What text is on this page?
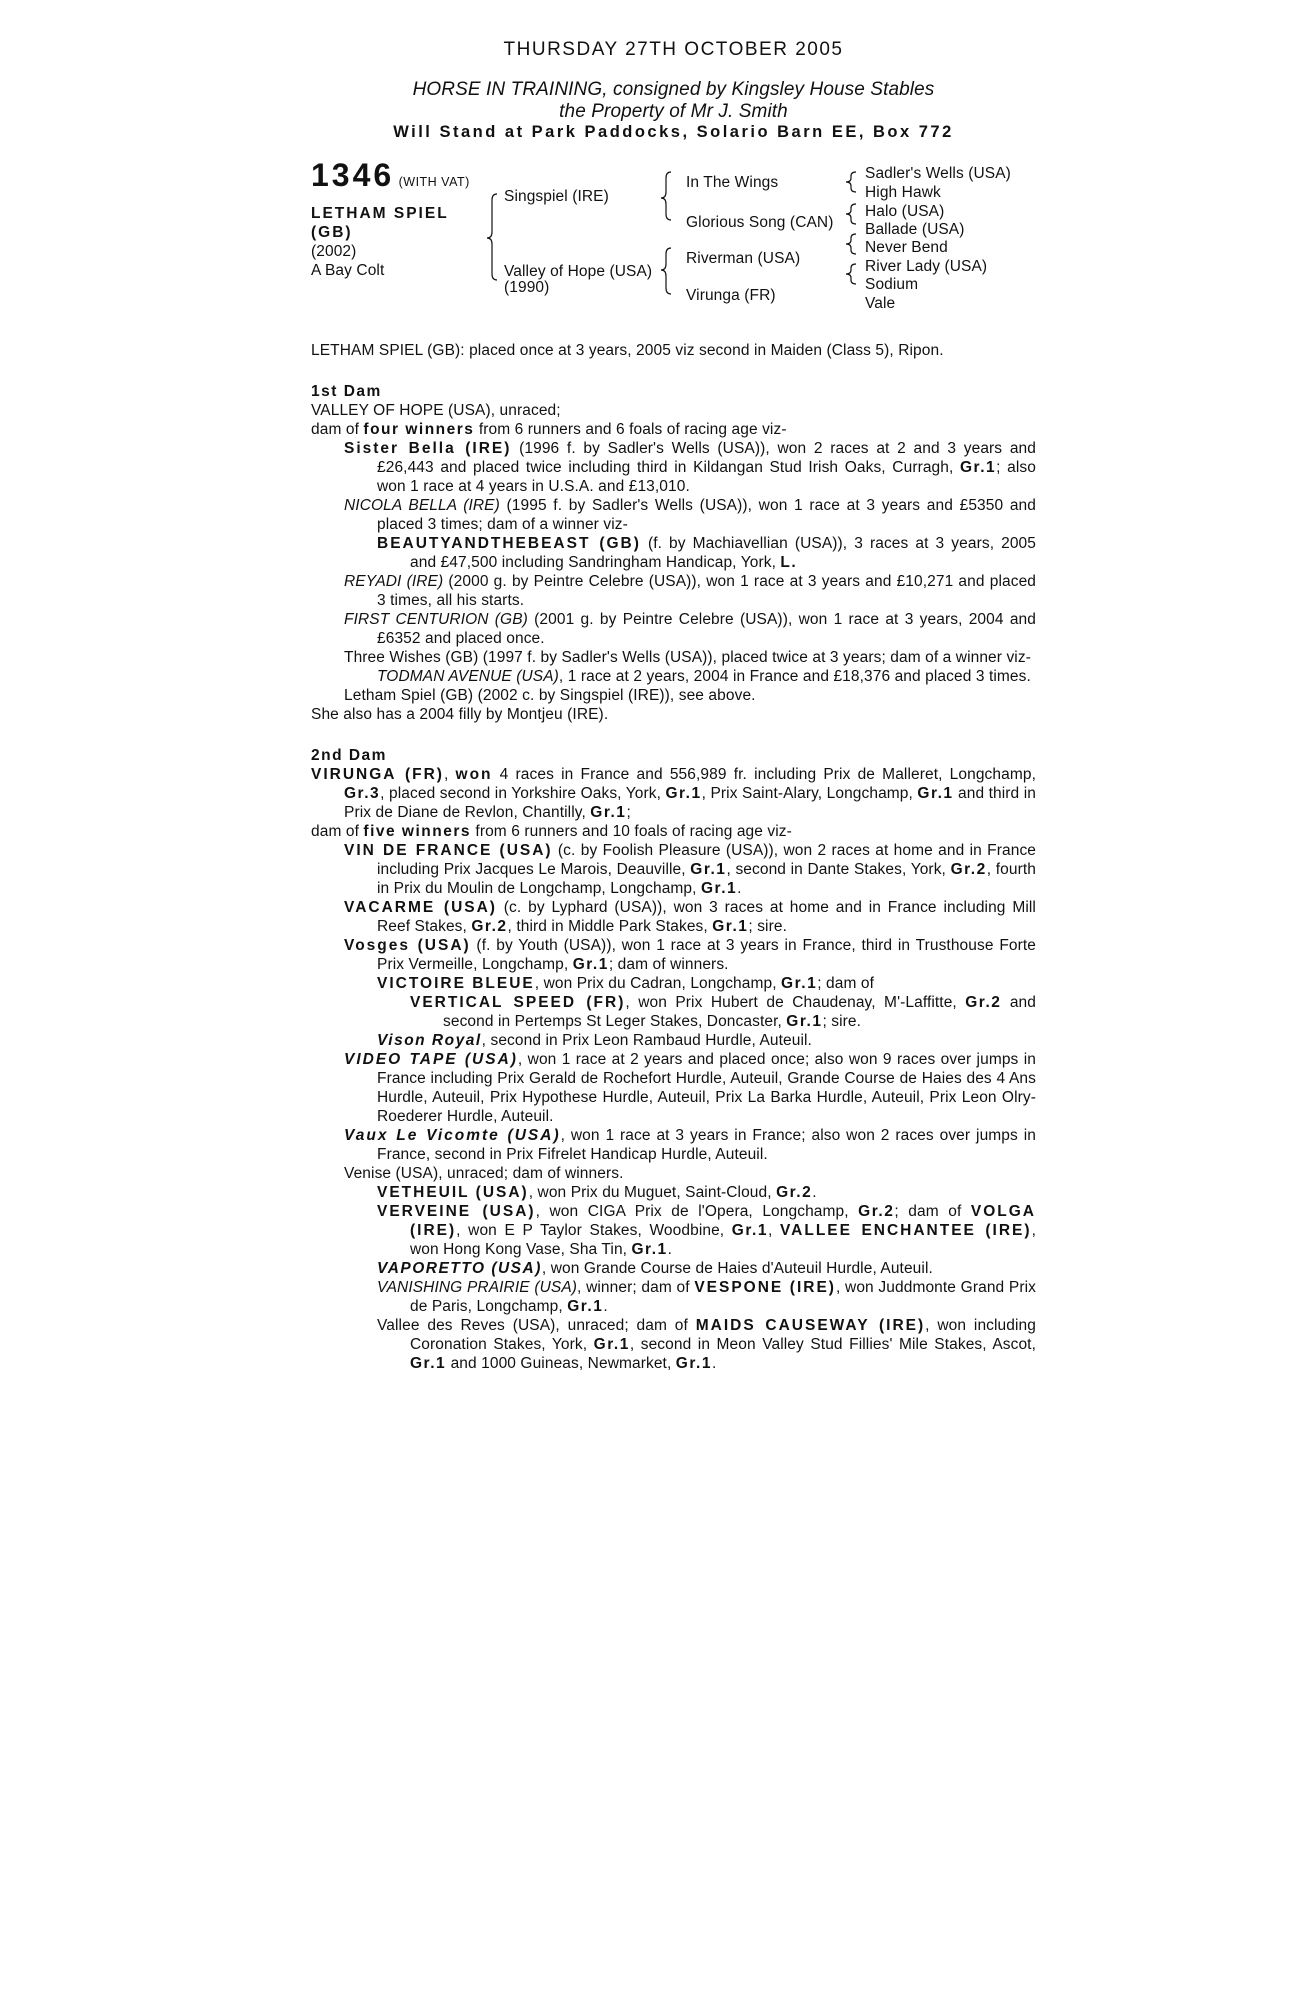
THURSDAY 27TH OCTOBER 2005
HORSE IN TRAINING, consigned by Kingsley House Stables
the Property of Mr J. Smith
Will Stand at Park Paddocks, Solario Barn EE, Box 772
1346 (WITH VAT)
LETHAM SPIEL
(GB)
(2002)
A Bay Colt
Singspiel (IRE)
Valley of Hope (USA)
(1990)
In The Wings
Glorious Song (CAN)
Riverman (USA)
Virunga (FR)
Sadler's Wells (USA)
High Hawk
Halo (USA)
Ballade (USA)
Never Bend
River Lady (USA)
Sodium
Vale

LETHAM SPIEL (GB): placed once at 3 years, 2005 viz second in Maiden (Class 5), Ripon.

1st Dam

VALLEY OF HOPE (USA), unraced;

dam of four winners from 6 runners and 6 foals of racing age viz-

Sister Bella (IRE) (1996 f. by Sadler's Wells (USA)), won 2 races at 2 and 3 years and £26,443 and placed twice including third in Kildangan Stud Irish Oaks, Curragh, Gr.1; also won 1 race at 4 years in U.S.A. and £13,010.

NICOLA BELLA (IRE) (1995 f. by Sadler's Wells (USA)), won 1 race at 3 years and £5350 and placed 3 times; dam of a winner viz-

BEAUTYANDTHEBEAST (GB) (f. by Machiavellian (USA)), 3 races at 3 years, 2005 and £47,500 including Sandringham Handicap, York, L.

REYADI (IRE) (2000 g. by Peintre Celebre (USA)), won 1 race at 3 years and £10,271 and placed 3 times, all his starts.

FIRST CENTURION (GB) (2001 g. by Peintre Celebre (USA)), won 1 race at 3 years, 2004 and £6352 and placed once.

Three Wishes (GB) (1997 f. by Sadler's Wells (USA)), placed twice at 3 years; dam of a winner viz-

TODMAN AVENUE (USA), 1 race at 2 years, 2004 in France and £18,376 and placed 3 times.

Letham Spiel (GB) (2002 c. by Singspiel (IRE)), see above.

She also has a 2004 filly by Montjeu (IRE).

2nd Dam

VIRUNGA (FR), won 4 races in France and 556,989 fr. including Prix de Malleret, Longchamp, Gr.3, placed second in Yorkshire Oaks, York, Gr.1, Prix Saint-Alary, Longchamp, Gr.1 and third in Prix de Diane de Revlon, Chantilly, Gr.1;

dam of five winners from 6 runners and 10 foals of racing age viz-

VIN DE FRANCE (USA) (c. by Foolish Pleasure (USA)), won 2 races at home and in France including Prix Jacques Le Marois, Deauville, Gr.1, second in Dante Stakes, York, Gr.2, fourth in Prix du Moulin de Longchamp, Longchamp, Gr.1.

VACARME (USA) (c. by Lyphard (USA)), won 3 races at home and in France including Mill Reef Stakes, Gr.2, third in Middle Park Stakes, Gr.1; sire.

Vosges (USA) (f. by Youth (USA)), won 1 race at 3 years in France, third in Trusthouse Forte Prix Vermeille, Longchamp, Gr.1; dam of winners.

VICTOIRE BLEUE, won Prix du Cadran, Longchamp, Gr.1; dam of

VERTICAL SPEED (FR), won Prix Hubert de Chaudenay, M'-Laffitte, Gr.2 and second in Pertemps St Leger Stakes, Doncaster, Gr.1; sire.

Vison Royal, second in Prix Leon Rambaud Hurdle, Auteuil.

VIDEO TAPE (USA), won 1 race at 2 years and placed once; also won 9 races over jumps in France including Prix Gerald de Rochefort Hurdle, Auteuil, Grande Course de Haies des 4 Ans Hurdle, Auteuil, Prix Hypothese Hurdle, Auteuil, Prix La Barka Hurdle, Auteuil, Prix Leon Olry-Roederer Hurdle, Auteuil.

Vaux Le Vicomte (USA), won 1 race at 3 years in France; also won 2 races over jumps in France, second in Prix Fifrelet Handicap Hurdle, Auteuil.

Venise (USA), unraced; dam of winners.

VETHEUIL (USA), won Prix du Muguet, Saint-Cloud, Gr.2.

VERVEINE (USA), won CIGA Prix de l'Opera, Longchamp, Gr.2; dam of VOLGA (IRE), won E P Taylor Stakes, Woodbine, Gr.1, VALLEE ENCHANTEE (IRE), won Hong Kong Vase, Sha Tin, Gr.1.

VAPORETTO (USA), won Grande Course de Haies d'Auteuil Hurdle, Auteuil.

VANISHING PRAIRIE (USA), winner; dam of VESPONE (IRE), won Juddmonte Grand Prix de Paris, Longchamp, Gr.1.

Vallee des Reves (USA), unraced; dam of MAIDS CAUSEWAY (IRE), won including Coronation Stakes, York, Gr.1, second in Meon Valley Stud Fillies' Mile Stakes, Ascot, Gr.1 and 1000 Guineas, Newmarket, Gr.1.
